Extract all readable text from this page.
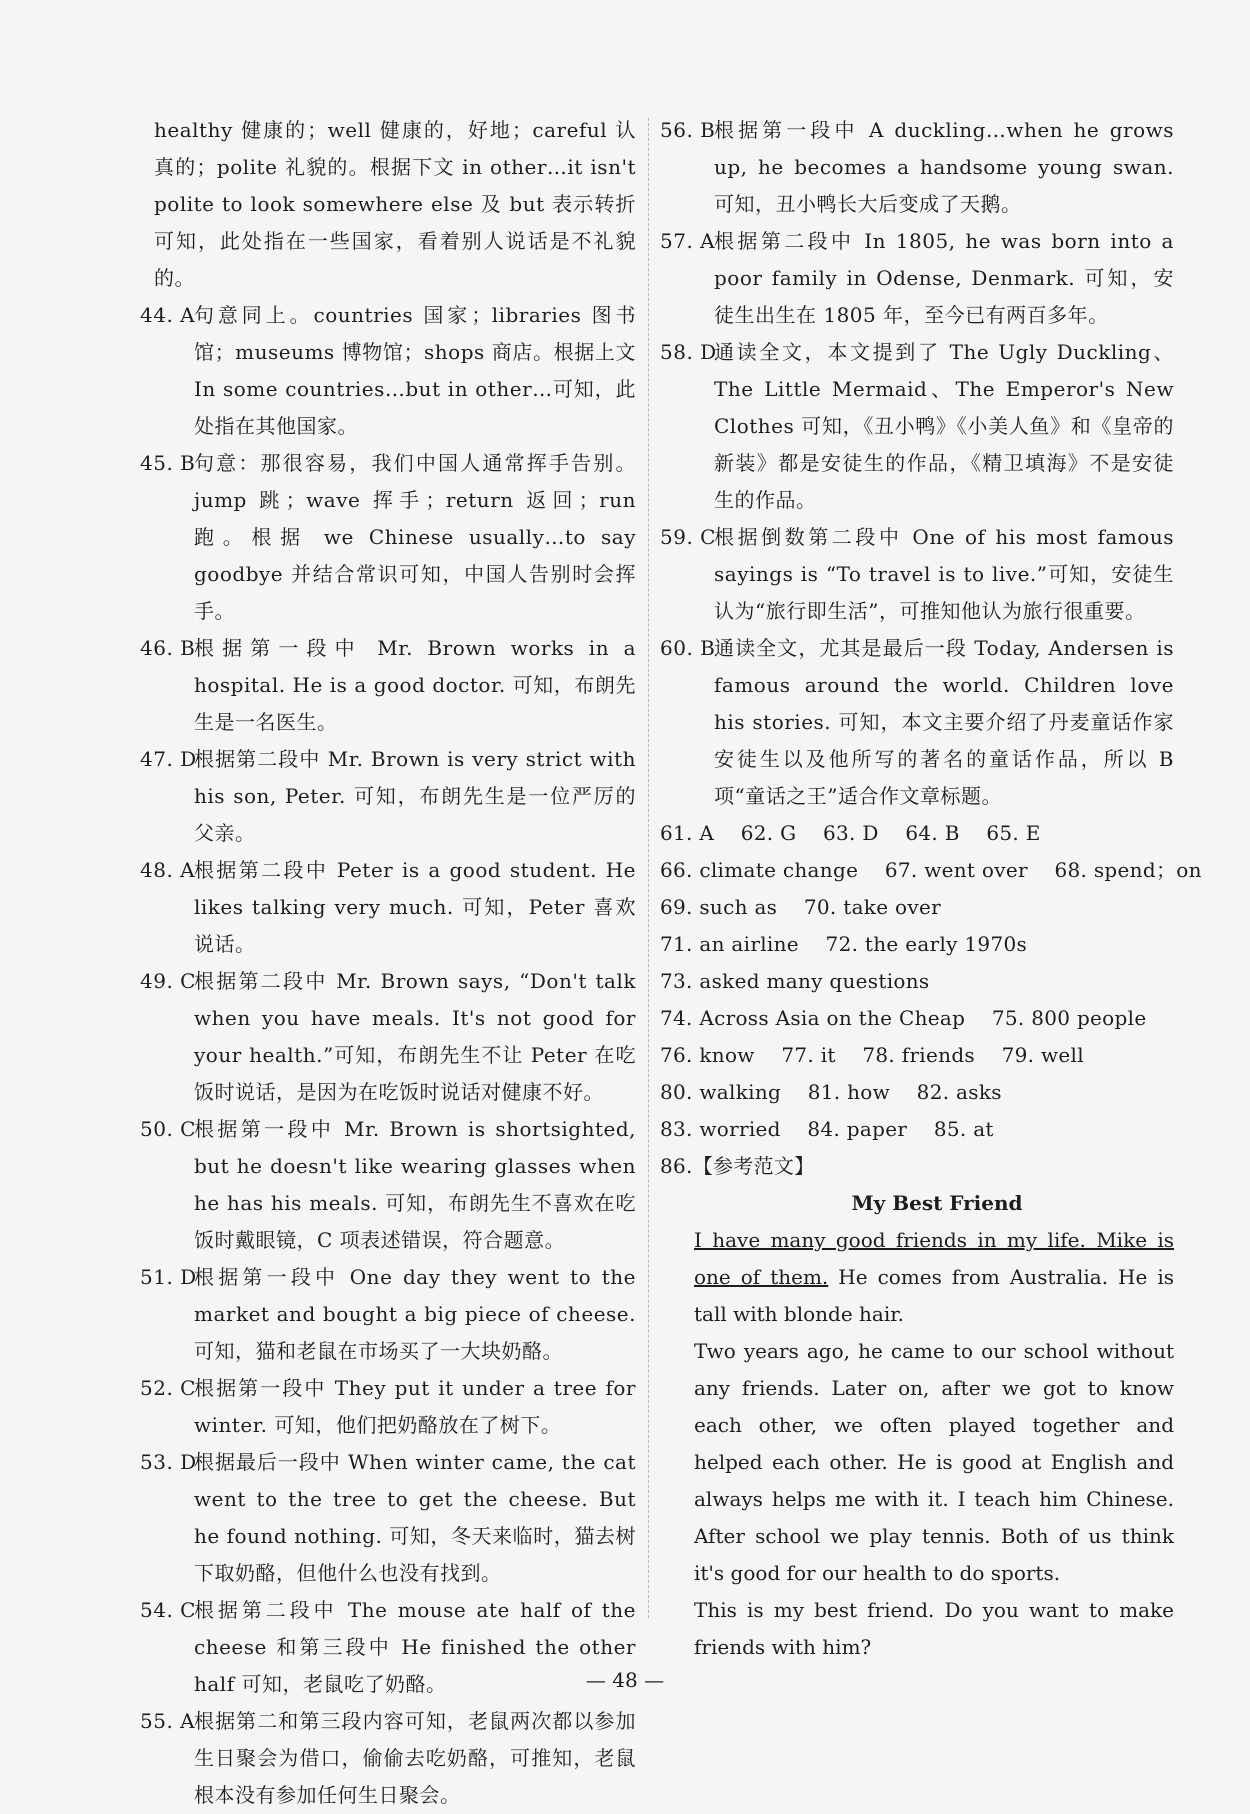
healthy 健康的；well 健康的，好地；careful 认真的；polite 礼貌的。根据下文 in other…it isn't polite to look somewhere else 及 but 表示转折可知，此处指在一些国家，看着别人说话是不礼貌的。
44. A
句意同上。countries 国家；libraries 图书馆；museums 博物馆；shops 商店。根据上文 In some countries…but in other…可知，此处指在其他国家。
45. B
句意：那很容易，我们中国人通常挥手告别。jump 跳；wave 挥手；return 返回；run 跑。根据 we Chinese usually…to say goodbye 并结合常识可知，中国人告别时会挥手。
46. B
根据第一段中 Mr. Brown works in a hospital. He is a good doctor. 可知，布朗先生是一名医生。
47. D
根据第二段中 Mr. Brown is very strict with his son, Peter. 可知，布朗先生是一位严厉的父亲。
48. A
根据第二段中 Peter is a good student. He likes talking very much. 可知，Peter 喜欢说话。
49. C
根据第二段中 Mr. Brown says, “Don't talk when you have meals. It's not good for your health.”可知，布朗先生不让 Peter 在吃饭时说话，是因为在吃饭时说话对健康不好。
50. C
根据第一段中 Mr. Brown is shortsighted, but he doesn't like wearing glasses when he has his meals. 可知，布朗先生不喜欢在吃饭时戴眼镜，C 项表述错误，符合题意。
51. D
根据第一段中 One day they went to the market and bought a big piece of cheese. 可知，猫和老鼠在市场买了一大块奶酪。
52. C
根据第一段中 They put it under a tree for winter. 可知，他们把奶酪放在了树下。
53. D
根据最后一段中 When winter came, the cat went to the tree to get the cheese. But he found nothing. 可知，冬天来临时，猫去树下取奶酪，但他什么也没有找到。
54. C
根据第二段中 The mouse ate half of the cheese 和第三段中 He finished the other half 可知，老鼠吃了奶酪。
55. A
根据第二和第三段内容可知，老鼠两次都以参加生日聚会为借口，偷偷去吃奶酪，可推知，老鼠根本没有参加任何生日聚会。
56. B
根据第一段中 A duckling…when he grows up, he becomes a handsome young swan. 可知，丑小鸭长大后变成了天鹅。
57. A
根据第二段中 In 1805, he was born into a poor family in Odense, Denmark. 可知，安徒生出生在 1805 年，至今已有两百多年。
58. D
通读全文，本文提到了 The Ugly Duckling、The Little Mermaid、The Emperor's New Clothes 可知，《丑小鸭》《小美人鱼》和《皇帝的新装》都是安徒生的作品，《精卫填海》不是安徒生的作品。
59. C
根据倒数第二段中 One of his most famous sayings is “To travel is to live.”可知，安徒生认为“旅行即生活”，可推知他认为旅行很重要。
60. B
通读全文，尤其是最后一段 Today, Andersen is famous around the world. Children love his stories. 可知，本文主要介绍了丹麦童话作家安徒生以及他所写的著名的童话作品，所以 B 项“童话之王”适合作文章标题。
61. A    62. G    63. D    64. B    65. E
66. climate change    67. went over    68. spend；on
69. such as    70. take over
71. an airline    72. the early 1970s
73. asked many questions
74. Across Asia on the Cheap    75. 800 people
76. know    77. it    78. friends    79. well
80. walking    81. how    82. asks
83. worried    84. paper    85. at
86.【参考范文】
My Best Friend
I have many good friends in my life. Mike is one of them. He comes from Australia. He is tall with blonde hair.
Two years ago, he came to our school without any friends. Later on, after we got to know each other, we often played together and helped each other. He is good at English and always helps me with it. I teach him Chinese. After school we play tennis. Both of us think it's good for our health to do sports.
This is my best friend. Do you want to make friends with him?
— 48 —
